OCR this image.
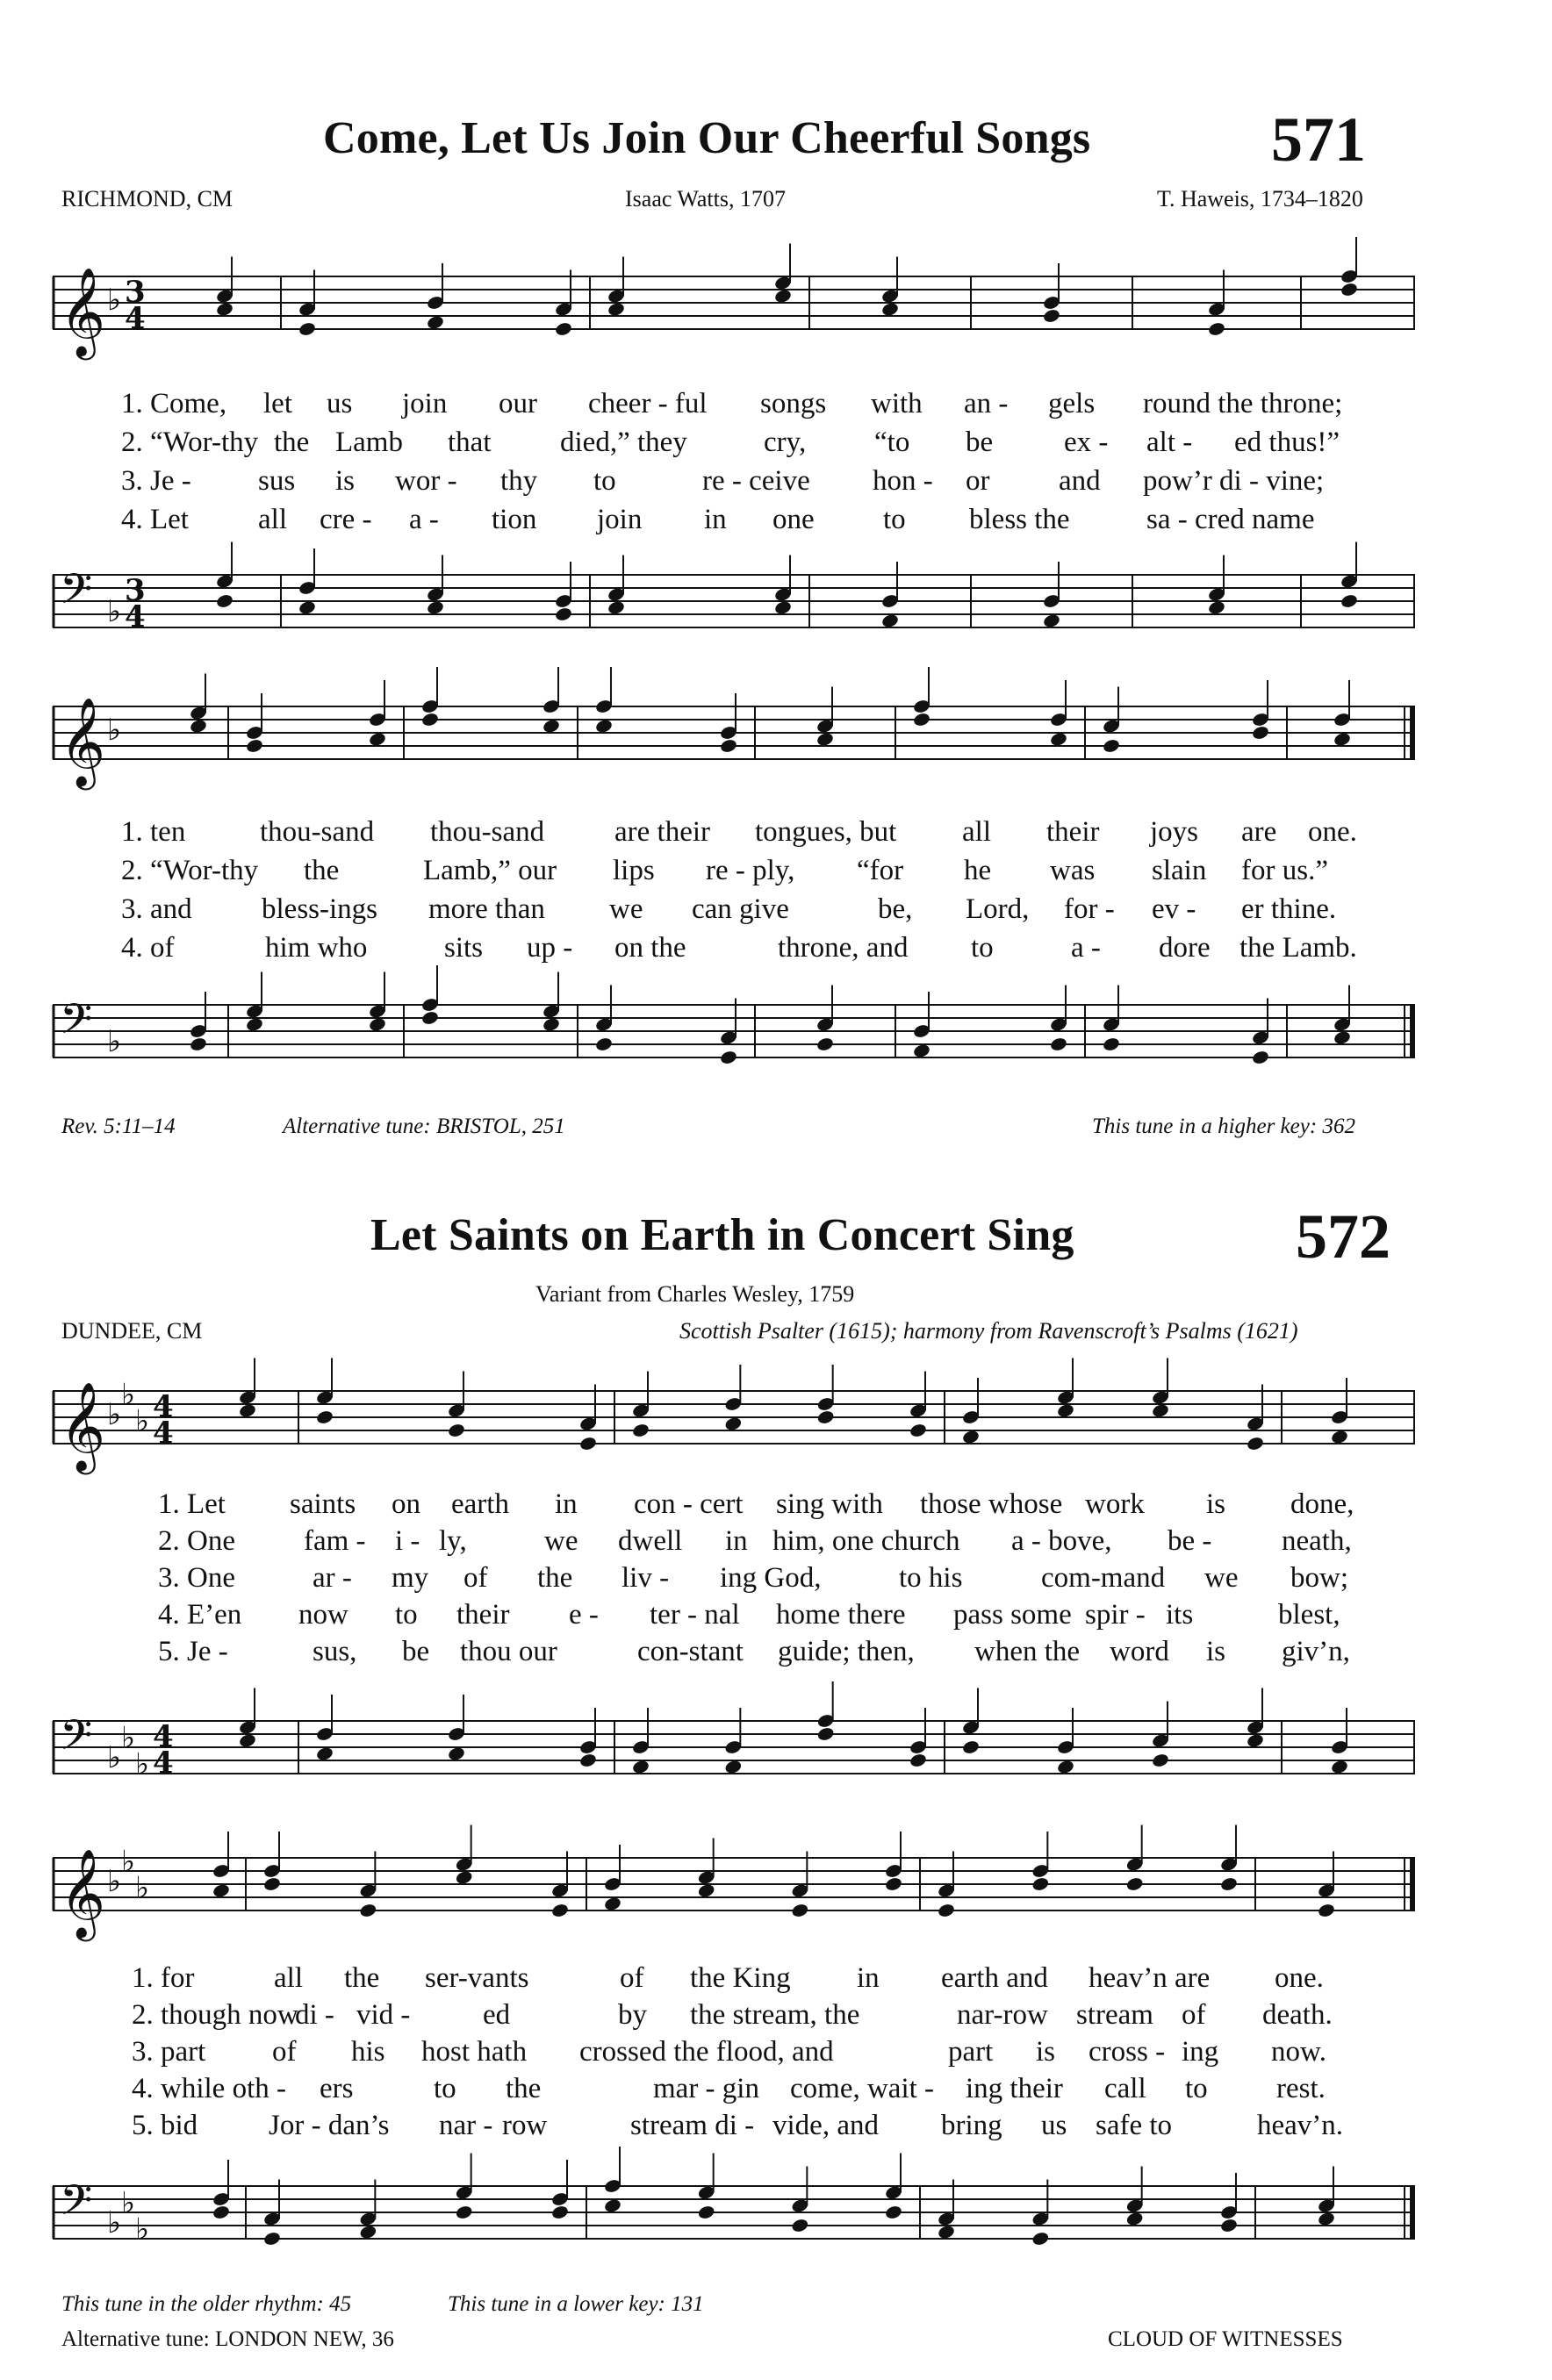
Come, Let Us Join Our Cheerful Songs	571
RICHMOND, CM	Isaac Watts, 1707	T. Haweis, 1734–1820
𝄞 ♭ 3
4
1. Come, let us join our cheer - ful songs with an - gels round the throne;
2. “Wor-thy the Lamb that died,” they	cry, “to be ex - alt - ed thus!”
3. Je - sus is wor - thy to	re - ceive hon - or and pow’r di - vine;
4. Let all cre - a - tion join in one to bless the	sa - cred name
𝄢 ♭
3
4
𝄞 ♭
1. ten	thou-sand thou-sand are their tongues, but all their joys are one.
2. “Wor-thy the	Lamb,” our lips re - ply, “for he was slain for us.”
3. and bless-ings more than we can give	be, Lord, for - ev - er thine.
4. of	him who	sits up - on the	throne, and to	a - dore the Lamb.
𝄢 ♭
Rev. 5:11–14	Alternative tune: BRISTOL, 251	This tune in a higher key: 362
Let Saints on Earth in Concert Sing	572
Variant from Charles Wesley, 1759
DUNDEE, CM	Scottish Psalter (1615); harmony from Ravenscroft’s Psalms (1621)
𝄞 ♭
♭
♭ 4
4
1. Let saints on earth in con - cert sing with those whose work is done,
2. One fam - i - ly,	we dwell in him, one church a - bove, be - neath,
3. One	ar - my of the liv - ing God,	to his	com-mand we bow;
4. E’en now to their e - ter - nal home there pass some spir - its	blest,
5. Je -	sus, be thou our	con-stant guide; then, when the word is giv’n,
𝄢 ♭
♭
♭
4
4
𝄞 ♭
♭
♭
1. for	all the ser-vants	of the King in earth and heav’n are one.
2. though now
di - vid -	ed	by the stream, the	nar-row stream of death.
3. part of his host hath crossed the flood, and	part is cross - ing now.
4. while oth - ers	to the	mar - gin come, wait - ing their call to rest.
5. bid Jor - dan’s nar - row	stream di - vide, and bring us safe to	heav’n.
𝄢 ♭
♭
♭
This tune in the older rhythm: 45	This tune in a lower key: 131
Alternative tune: LONDON NEW, 36	CLOUD OF WITNESSES
